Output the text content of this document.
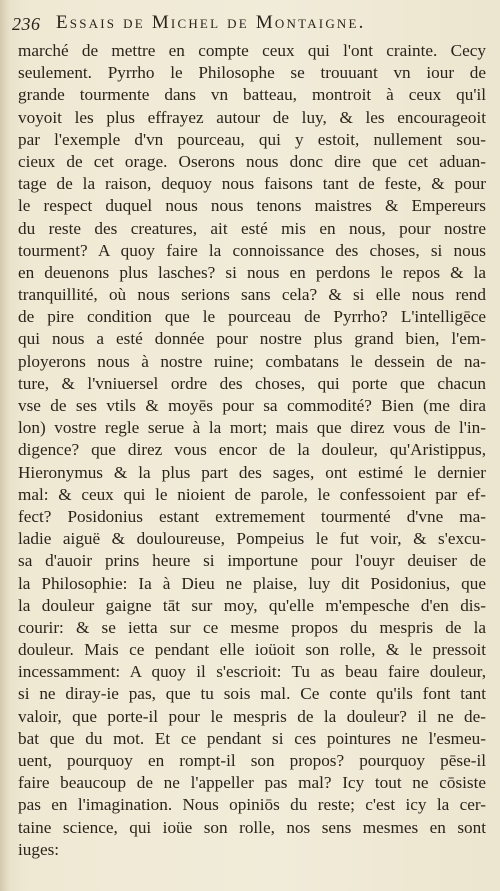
236 Essais de Michel de Montaigne.
marché de mettre en compte ceux qui l'ont crainte. Cecy
seulement. Pyrrho le Philosophe se trouuant vn iour de
grande tourmente dans vn batteau, montroit à ceux qu'il
voyoit les plus effrayez autour de luy, & les encourageoit
par l'exemple d'vn pourceau, qui y estoit, nullement sou-
cieux de cet orage. Oserons nous donc dire que cet aduan-
tage de la raison, dequoy nous faisons tant de feste, & pour
le respect duquel nous nous tenons maistres & Empereurs
du reste des creatures, ait esté mis en nous, pour nostre
tourment? A quoy faire la connoissance des choses, si nous
en deuenons plus lasches? si nous en perdons le repos & la
tranquillité, où nous serions sans cela? & si elle nous rend
de pire condition que le pourceau de Pyrrho? L'intelligēce
qui nous a esté donnée pour nostre plus grand bien, l'em-
ployerons nous à nostre ruine; combatans le dessein de na-
ture, & l'vniuersel ordre des choses, qui porte que chacun
vse de ses vtils & moyēs pour sa commodité? Bien (me dira
lon) vostre regle serue à la mort; mais que direz vous de l'in-
digence? que direz vous encor de la douleur, qu'Aristippus,
Hieronymus & la plus part des sages, ont estimé le dernier
mal: & ceux qui le nioient de parole, le confessoient par ef-
fect? Posidonius estant extremement tourmenté d'vne ma-
ladie aiguë & douloureuse, Pompeius le fut voir, & s'excu-
sa d'auoir prins heure si importune pour l'ouyr deuiser de
la Philosophie: Ia à Dieu ne plaise, luy dit Posidonius, que
la douleur gaigne tāt sur moy, qu'elle m'empesche d'en dis-
courir: & se ietta sur ce mesme propos du mespris de la
douleur. Mais ce pendant elle ioüoit son rolle, & le pressoit
incessamment: A quoy il s'escrioit: Tu as beau faire douleur,
si ne diray-ie pas, que tu sois mal. Ce conte qu'ils font tant
valoir, que porte-il pour le mespris de la douleur? il ne de-
bat que du mot. Et ce pendant si ces pointures ne l'esmeu-
uent, pourquoy en rompt-il son propos? pourquoy pēse-il
faire beaucoup de ne l'appeller pas mal? Icy tout ne cōsiste
pas en l'imagination. Nous opiniōs du reste; c'est icy la cer-
taine science, qui ioüe son rolle, nos sens mesmes en sont
iuges:
